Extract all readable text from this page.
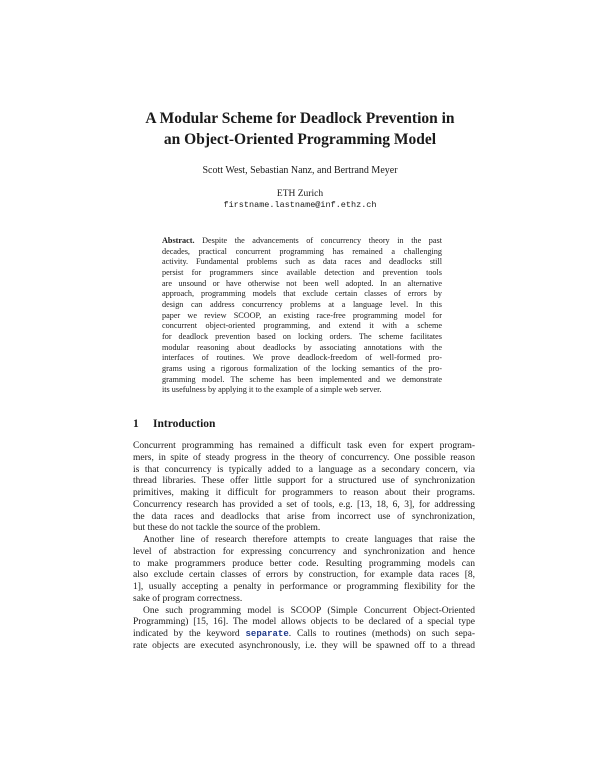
A Modular Scheme for Deadlock Prevention in
an Object-Oriented Programming Model
Scott West, Sebastian Nanz, and Bertrand Meyer
ETH Zurich
firstname.lastname@inf.ethz.ch
Abstract. Despite the advancements of concurrency theory in the past
decades, practical concurrent programming has remained a challenging
activity. Fundamental problems such as data races and deadlocks still
persist for programmers since available detection and prevention tools
are unsound or have otherwise not been well adopted. In an alternative
approach, programming models that exclude certain classes of errors by
design can address concurrency problems at a language level. In this
paper we review SCOOP, an existing race-free programming model for
concurrent object-oriented programming, and extend it with a scheme
for deadlock prevention based on locking orders. The scheme facilitates
modular reasoning about deadlocks by associating annotations with the
interfaces of routines. We prove deadlock-freedom of well-formed pro-
grams using a rigorous formalization of the locking semantics of the pro-
gramming model. The scheme has been implemented and we demonstrate
its usefulness by applying it to the example of a simple web server.
1 Introduction
Concurrent programming has remained a difficult task even for expert program-
mers, in spite of steady progress in the theory of concurrency. One possible reason
is that concurrency is typically added to a language as a secondary concern, via
thread libraries. These offer little support for a structured use of synchronization
primitives, making it difficult for programmers to reason about their programs.
Concurrency research has provided a set of tools, e.g. [13, 18, 6, 3], for addressing
the data races and deadlocks that arise from incorrect use of synchronization,
but these do not tackle the source of the problem.
Another line of research therefore attempts to create languages that raise the
level of abstraction for expressing concurrency and synchronization and hence
to make programmers produce better code. Resulting programming models can
also exclude certain classes of errors by construction, for example data races [8,
1], usually accepting a penalty in performance or programming flexibility for the
sake of program correctness.
One such programming model is SCOOP (Simple Concurrent Object-Oriented
Programming) [15, 16]. The model allows objects to be declared of a special type
indicated by the keyword separate. Calls to routines (methods) on such sepa-
rate objects are executed asynchronously, i.e. they will be spawned off to a thread
